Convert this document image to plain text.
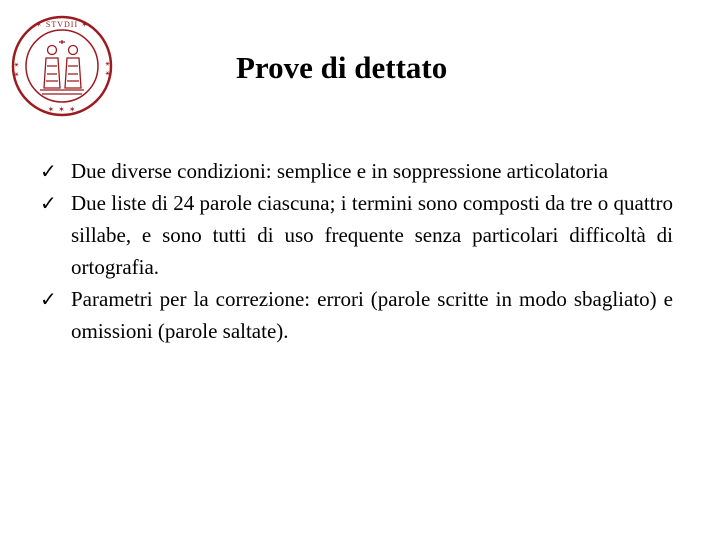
✶ STVDII ✶
✶ ✶ ✶
✶ ✶	✶ ✶	Prove di dettato
✓ Due diverse condizioni: semplice e in soppressione articolatoria
✓ Due liste di 24 parole ciascuna; i termini sono composti da tre o quattro sillabe, e sono tutti di uso frequente senza particolari difficoltà di ortografia.
✓ Parametri per la correzione: errori (parole scritte in modo sbagliato) e omissioni (parole saltate).
